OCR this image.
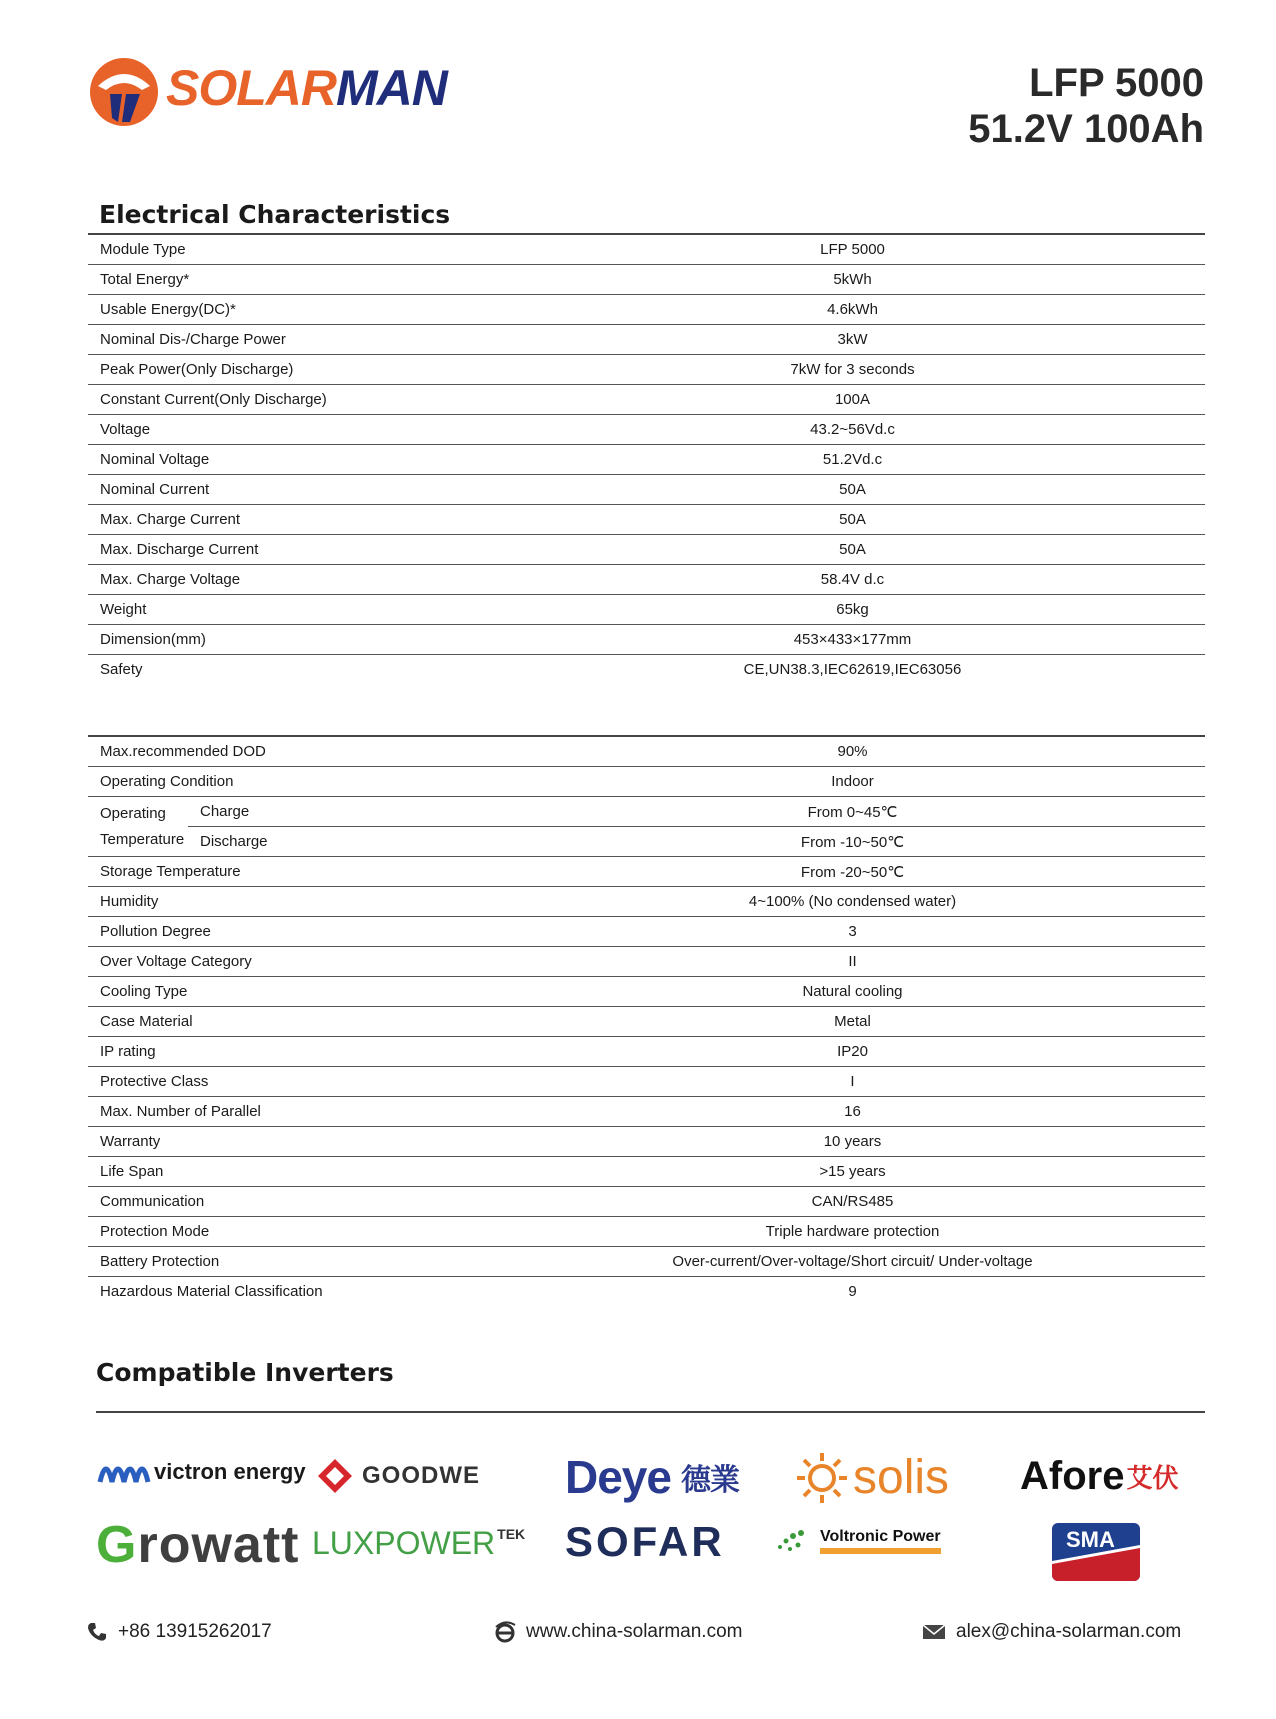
SOLARMAN	LFP 5000
51.2V 100Ah
Electrical Characteristics
Module Type	LFP 5000
Total Energy*	5kWh
Usable Energy(DC)*	4.6kWh
Nominal Dis-/Charge Power	3kW
Peak Power(Only Discharge)	7kW for 3 seconds
Constant Current(Only Discharge)	100A
Voltage	43.2~56Vd.c
Nominal Voltage	51.2Vd.c
Nominal Current	50A
Max. Charge Current	50A
Max. Discharge Current	50A
Max. Charge Voltage	58.4V d.c
Weight	65kg
Dimension(mm)	453×433×177mm
Safety	CE,UN38.3,IEC62619,IEC63056
Max.recommended DOD		90%
Operating Condition		Indoor
Operating
Temperature	Charge	From 0~45℃
	Discharge	From -10~50℃
Storage Temperature		From -20~50℃
Humidity		4~100% (No condensed water)
Pollution Degree		3
Over Voltage Category		II
Cooling Type		Natural cooling
Case Material		Metal
IP rating		IP20
Protective Class		I
Max. Number of Parallel		16
Warranty		10 years
Life Span		>15 years
Communication		CAN/RS485
Protection Mode		Triple hardware protection
Battery Protection		Over-current/Over-voltage/Short circuit/ Under-voltage
Hazardous Material Classification		9
Compatible Inverters
victron energy GOODWE Deye 德業 solis Afore 艾伏
G rowatt LUXPOWER TEK SOFAR	Voltronic Power	SMA
+86 13915262017	www.china-solarman.com	alex@china-solarman.com
